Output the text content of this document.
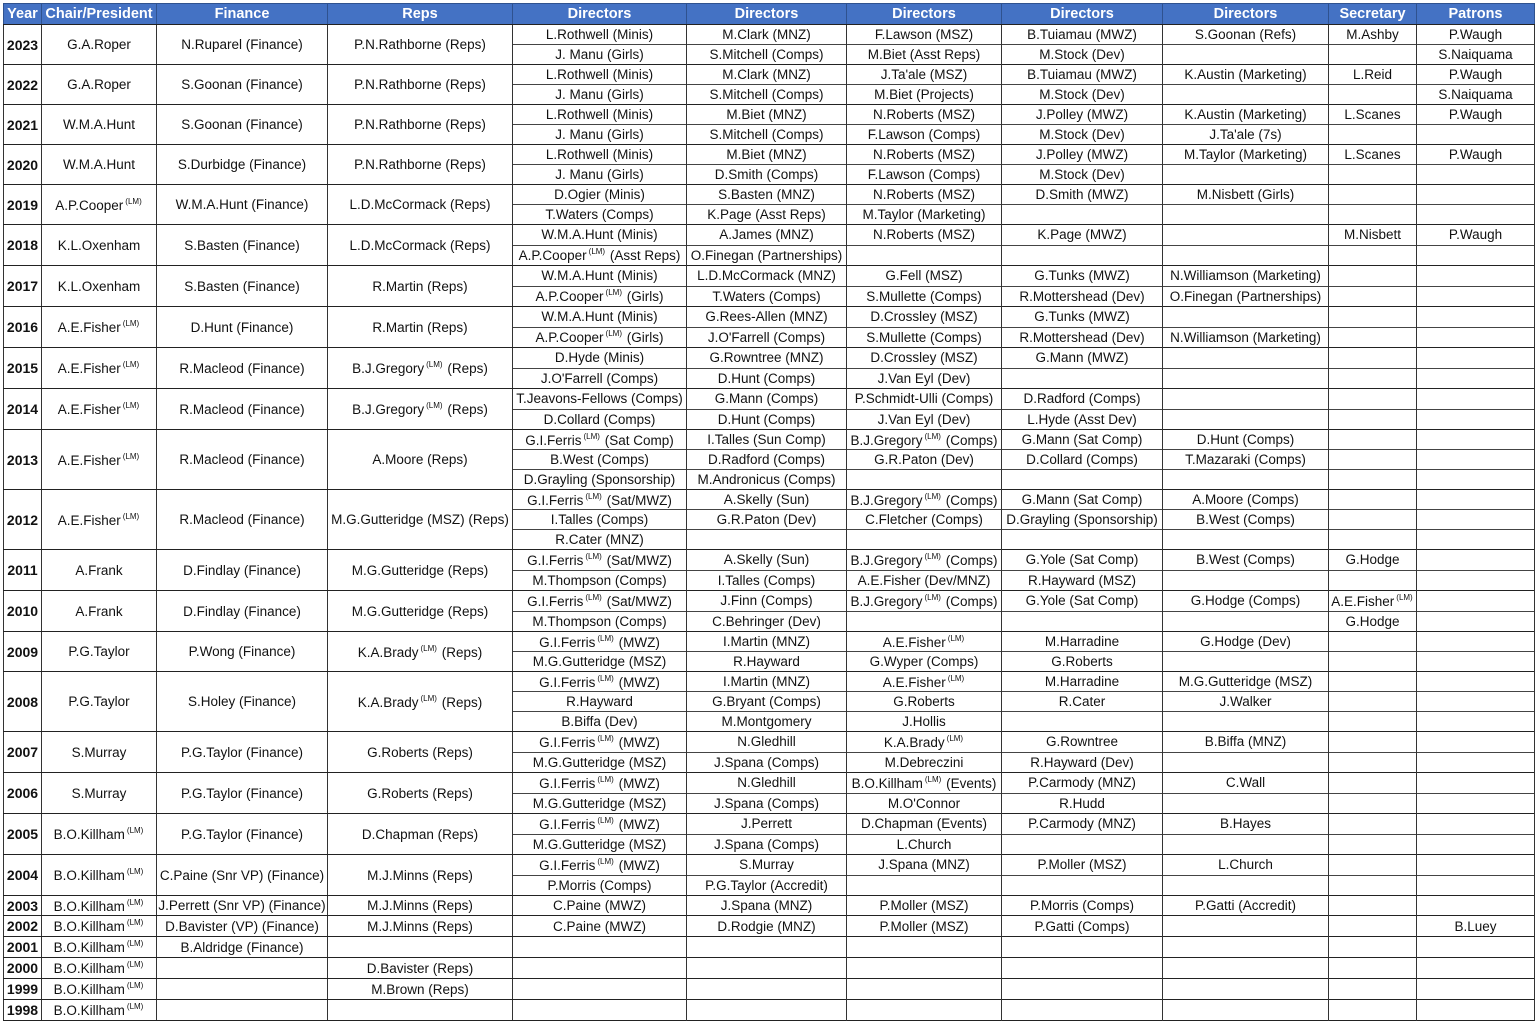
Year	Chair/President	Finance	Reps	Directors	Directors	Directors	Directors	Directors	Secretary	Patrons
2023	G.A.Roper	N.Ruparel (Finance)	P.N.Rathborne (Reps)	L.Rothwell (Minis)	M.Clark (MNZ)	F.Lawson (MSZ)	B.Tuiamau (MWZ)	S.Goonan (Refs)	M.Ashby	P.Waugh
				J. Manu (Girls)	S.Mitchell (Comps)	M.Biet (Asst Reps)	M.Stock (Dev)			S.Naiquama
2022	G.A.Roper	S.Goonan (Finance)	P.N.Rathborne (Reps)	L.Rothwell (Minis)	M.Clark (MNZ)	J.Ta'ale (MSZ)	B.Tuiamau (MWZ)	K.Austin (Marketing)	L.Reid	P.Waugh
				J. Manu (Girls)	S.Mitchell (Comps)	M.Biet (Projects)	M.Stock (Dev)			S.Naiquama
2021	W.M.A.Hunt	S.Goonan (Finance)	P.N.Rathborne (Reps)	L.Rothwell (Minis)	M.Biet (MNZ)	N.Roberts (MSZ)	J.Polley (MWZ)	K.Austin (Marketing)	L.Scanes	P.Waugh
				J. Manu (Girls)	S.Mitchell (Comps)	F.Lawson (Comps)	M.Stock (Dev)	J.Ta'ale (7s)		
2020	W.M.A.Hunt	S.Durbidge (Finance)	P.N.Rathborne (Reps)	L.Rothwell (Minis)	M.Biet (MNZ)	N.Roberts (MSZ)	J.Polley (MWZ)	M.Taylor (Marketing)	L.Scanes	P.Waugh
				J. Manu (Girls)	D.Smith (Comps)	F.Lawson (Comps)	M.Stock (Dev)			
2019	A.P.Cooper $^{(LM)}$	W.M.A.Hunt (Finance)	L.D.McCormack (Reps)	D.Ogier (Minis)	S.Basten (MNZ)	N.Roberts (MSZ)	D.Smith (MWZ)	M.Nisbett (Girls)		
				T.Waters (Comps)	K.Page (Asst Reps)	M.Taylor (Marketing)				
2018	K.L.Oxenham	S.Basten (Finance)	L.D.McCormack (Reps)	W.M.A.Hunt (Minis)	A.James (MNZ)	N.Roberts (MSZ)	K.Page (MWZ)		M.Nisbett	P.Waugh
				A.P.Cooper $^{(LM)}$ (Asst Reps)	O.Finegan (Partnerships)					
2017	K.L.Oxenham	S.Basten (Finance)	R.Martin (Reps)	W.M.A.Hunt (Minis)	L.D.McCormack (MNZ)	G.Fell (MSZ)	G.Tunks (MWZ)	N.Williamson (Marketing)		
				A.P.Cooper $^{(LM)}$ (Girls)	T.Waters (Comps)	S.Mullette (Comps)	R.Mottershead (Dev)	O.Finegan (Partnerships)		
2016	A.E.Fisher $^{(LM)}$	D.Hunt (Finance)	R.Martin (Reps)	W.M.A.Hunt (Minis)	G.Rees-Allen (MNZ)	D.Crossley (MSZ)	G.Tunks (MWZ)			
				A.P.Cooper $^{(LM)}$ (Girls)	J.O'Farrell (Comps)	S.Mullette (Comps)	R.Mottershead (Dev)	N.Williamson (Marketing)		
2015	A.E.Fisher $^{(LM)}$	R.Macleod (Finance)	B.J.Gregory $^{(LM)}$ (Reps)	D.Hyde (Minis)	G.Rowntree (MNZ)	D.Crossley (MSZ)	G.Mann (MWZ)			
				J.O'Farrell (Comps)	D.Hunt (Comps)	J.Van Eyl (Dev)				
2014	A.E.Fisher $^{(LM)}$	R.Macleod (Finance)	B.J.Gregory $^{(LM)}$ (Reps)	T.Jeavons-Fellows (Comps)	G.Mann (Comps)	P.Schmidt-Ulli (Comps)	D.Radford (Comps)			
				D.Collard (Comps)	D.Hunt (Comps)	J.Van Eyl (Dev)	L.Hyde (Asst Dev)			
2013	A.E.Fisher $^{(LM)}$	R.Macleod (Finance)	A.Moore (Reps)	G.I.Ferris $^{(LM)}$ (Sat Comp)	I.Talles (Sun Comp)	B.J.Gregory $^{(LM)}$ (Comps)	G.Mann (Sat Comp)	D.Hunt (Comps)		
				B.West (Comps)	D.Radford (Comps)	G.R.Paton (Dev)	D.Collard (Comps)	T.Mazaraki (Comps)		
				D.Grayling (Sponsorship)	M.Andronicus (Comps)					
2012	A.E.Fisher $^{(LM)}$	R.Macleod (Finance)	M.G.Gutteridge (MSZ) (Reps)	G.I.Ferris $^{(LM)}$ (Sat/MWZ)	A.Skelly (Sun)	B.J.Gregory $^{(LM)}$ (Comps)	G.Mann (Sat Comp)	A.Moore (Comps)		
				I.Talles (Comps)	G.R.Paton (Dev)	C.Fletcher (Comps)	D.Grayling (Sponsorship)	B.West (Comps)		
				R.Cater (MNZ)						
2011	A.Frank	D.Findlay (Finance)	M.G.Gutteridge (Reps)	G.I.Ferris $^{(LM)}$ (Sat/MWZ)	A.Skelly (Sun)	B.J.Gregory $^{(LM)}$ (Comps)	G.Yole (Sat Comp)	B.West (Comps)	G.Hodge	
				M.Thompson (Comps)	I.Talles (Comps)	A.E.Fisher (Dev/MNZ)	R.Hayward (MSZ)			
2010	A.Frank	D.Findlay (Finance)	M.G.Gutteridge (Reps)	G.I.Ferris $^{(LM)}$ (Sat/MWZ)	J.Finn (Comps)	B.J.Gregory $^{(LM)}$ (Comps)	G.Yole (Sat Comp)	G.Hodge (Comps)	A.E.Fisher $^{(LM)}$	
				M.Thompson (Comps)	C.Behringer (Dev)				G.Hodge	
2009	P.G.Taylor	P.Wong (Finance)	K.A.Brady $^{(LM)}$ (Reps)	G.I.Ferris $^{(LM)}$ (MWZ)	I.Martin (MNZ)	A.E.Fisher $^{(LM)}$	M.Harradine	G.Hodge (Dev)		
				M.G.Gutteridge (MSZ)	R.Hayward	G.Wyper (Comps)	G.Roberts			
2008	P.G.Taylor	S.Holey (Finance)	K.A.Brady $^{(LM)}$ (Reps)	G.I.Ferris $^{(LM)}$ (MWZ)	I.Martin (MNZ)	A.E.Fisher $^{(LM)}$	M.Harradine	M.G.Gutteridge (MSZ)		
				R.Hayward	G.Bryant (Comps)	G.Roberts	R.Cater	J.Walker		
				B.Biffa (Dev)	M.Montgomery	J.Hollis				
2007	S.Murray	P.G.Taylor (Finance)	G.Roberts (Reps)	G.I.Ferris $^{(LM)}$ (MWZ)	N.Gledhill	K.A.Brady $^{(LM)}$	G.Rowntree	B.Biffa (MNZ)		
				M.G.Gutteridge (MSZ)	J.Spana (Comps)	M.Debreczini	R.Hayward (Dev)			
2006	S.Murray	P.G.Taylor (Finance)	G.Roberts (Reps)	G.I.Ferris $^{(LM)}$ (MWZ)	N.Gledhill	B.O.Killham $^{(LM)}$ (Events)	P.Carmody (MNZ)	C.Wall		
				M.G.Gutteridge (MSZ)	J.Spana (Comps)	M.O'Connor	R.Hudd			
2005	B.O.Killham $^{(LM)}$	P.G.Taylor (Finance)	D.Chapman (Reps)	G.I.Ferris $^{(LM)}$ (MWZ)	J.Perrett	D.Chapman (Events)	P.Carmody (MNZ)	B.Hayes		
				M.G.Gutteridge (MSZ)	J.Spana (Comps)	L.Church				
2004	B.O.Killham $^{(LM)}$	C.Paine (Snr VP) (Finance)	M.J.Minns (Reps)	G.I.Ferris $^{(LM)}$ (MWZ)	S.Murray	J.Spana (MNZ)	P.Moller (MSZ)	L.Church		
				P.Morris (Comps)	P.G.Taylor (Accredit)					
2003	B.O.Killham $^{(LM)}$	J.Perrett (Snr VP) (Finance)	M.J.Minns (Reps)	C.Paine (MWZ)	J.Spana (MNZ)	P.Moller (MSZ)	P.Morris (Comps)	P.Gatti (Accredit)		
2002	B.O.Killham $^{(LM)}$	D.Bavister (VP) (Finance)	M.J.Minns (Reps)	C.Paine (MWZ)	D.Rodgie (MNZ)	P.Moller (MSZ)	P.Gatti (Comps)			B.Luey
2001	B.O.Killham $^{(LM)}$	B.Aldridge (Finance)								
2000	B.O.Killham $^{(LM)}$		D.Bavister (Reps)							
1999	B.O.Killham $^{(LM)}$		M.Brown (Reps)							
1998	B.O.Killham $^{(LM)}$									
